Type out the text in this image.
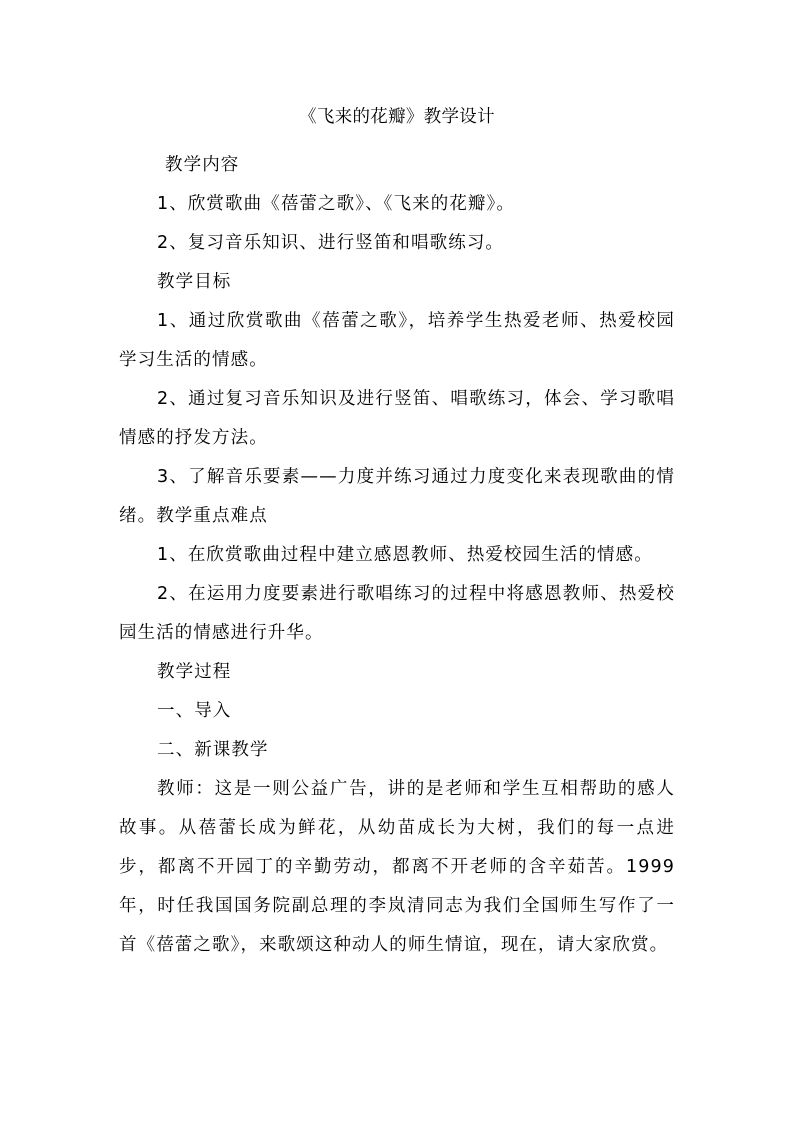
《飞来的花瓣》教学设计

教学内容

1、欣赏歌曲《蓓蕾之歌》、《飞来的花瓣》。

2、复习音乐知识、进行竖笛和唱歌练习。

教学目标

1、通过欣赏歌曲《蓓蕾之歌》，培养学生热爱老师、热爱校园学习生活的情感。

2、通过复习音乐知识及进行竖笛、唱歌练习，体会、学习歌唱情感的抒发方法。

3、了解音乐要素——力度并练习通过力度变化来表现歌曲的情绪。教学重点难点

1、在欣赏歌曲过程中建立感恩教师、热爱校园生活的情感。

2、在运用力度要素进行歌唱练习的过程中将感恩教师、热爱校园生活的情感进行升华。

教学过程

一、导入

二、新课教学

教师：这是一则公益广告，讲的是老师和学生互相帮助的感人故事。从蓓蕾长成为鲜花，从幼苗成长为大树，我们的每一点进步，都离不开园丁的辛勤劳动，都离不开老师的含辛茹苦。1999年，时任我国国务院副总理的李岚清同志为我们全国师生写作了一首《蓓蕾之歌》，来歌颂这种动人的师生情谊，现在，请大家欣赏。
